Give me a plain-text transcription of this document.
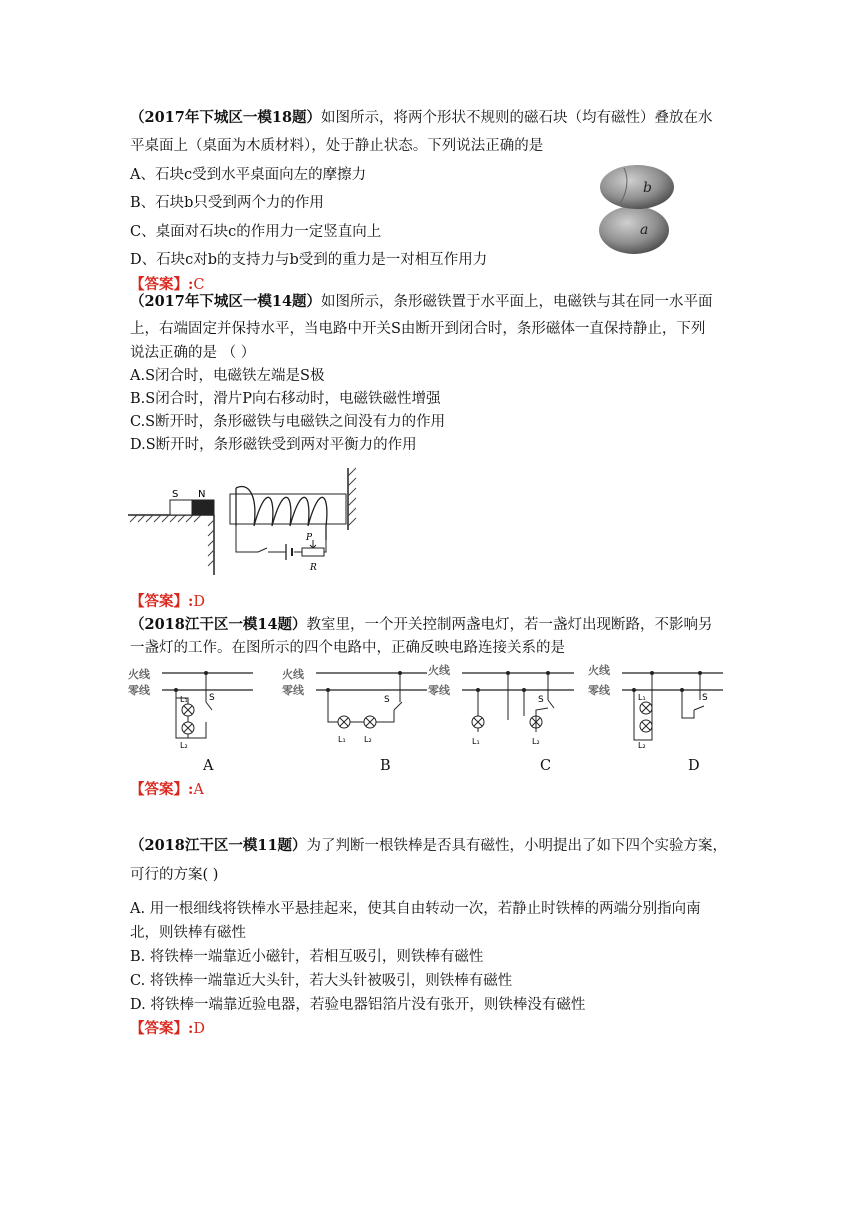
（2017年下城区一模18题）如图所示，将两个形状不规则的磁石块（均有磁性）叠放在水
平桌面上（桌面为木质材料），处于静止状态。下列说法正确的是
A、石块c受到水平桌面向左的摩擦力
B、石块b只受到两个力的作用
C、桌面对石块c的作用力一定竖直向上
D、石块c对b的支持力与b受到的重力是一对相互作用力
【答案】:C
b
a
（2017年下城区一模14题）如图所示，条形磁铁置于水平面上，电磁铁与其在同一水平面
上，右端固定并保持水平，当电路中开关S由断开到闭合时，条形磁体一直保持静止，下列
说法正确的是 （ ）
A.S闭合时，电磁铁左端是S极
B.S闭合时，滑片P向右移动时，电磁铁磁性增强
C.S断开时，条形磁铁与电磁铁之间没有力的作用
D.S断开时，条形磁铁受到两对平衡力的作用
S N
P
R
【答案】:D
（2018江干区一模14题）教室里，一个开关控制两盏电灯，若一盏灯出现断路，不影响另
一盏灯的工作。在图所示的四个电路中，正确反映电路连接关系的是
火线
零线
L₁
L₂
S
火线
零线
L₁ L₂
S
火线
零线
L₁	L₂
S
火线
零线
L₁
L₂
S
A	B	C	D
【答案】:A
（2018江干区一模11题）为了判断一根铁棒是否具有磁性，小明提出了如下四个实验方案，
可行的方案( )
A. 用一根细线将铁棒水平悬挂起来，使其自由转动一次，若静止时铁棒的两端分别指向南
北，则铁棒有磁性
B. 将铁棒一端靠近小磁针，若相互吸引，则铁棒有磁性
C. 将铁棒一端靠近大头针，若大头针被吸引，则铁棒有磁性
D. 将铁棒一端靠近验电器，若验电器铝箔片没有张开，则铁棒没有磁性
【答案】:D
